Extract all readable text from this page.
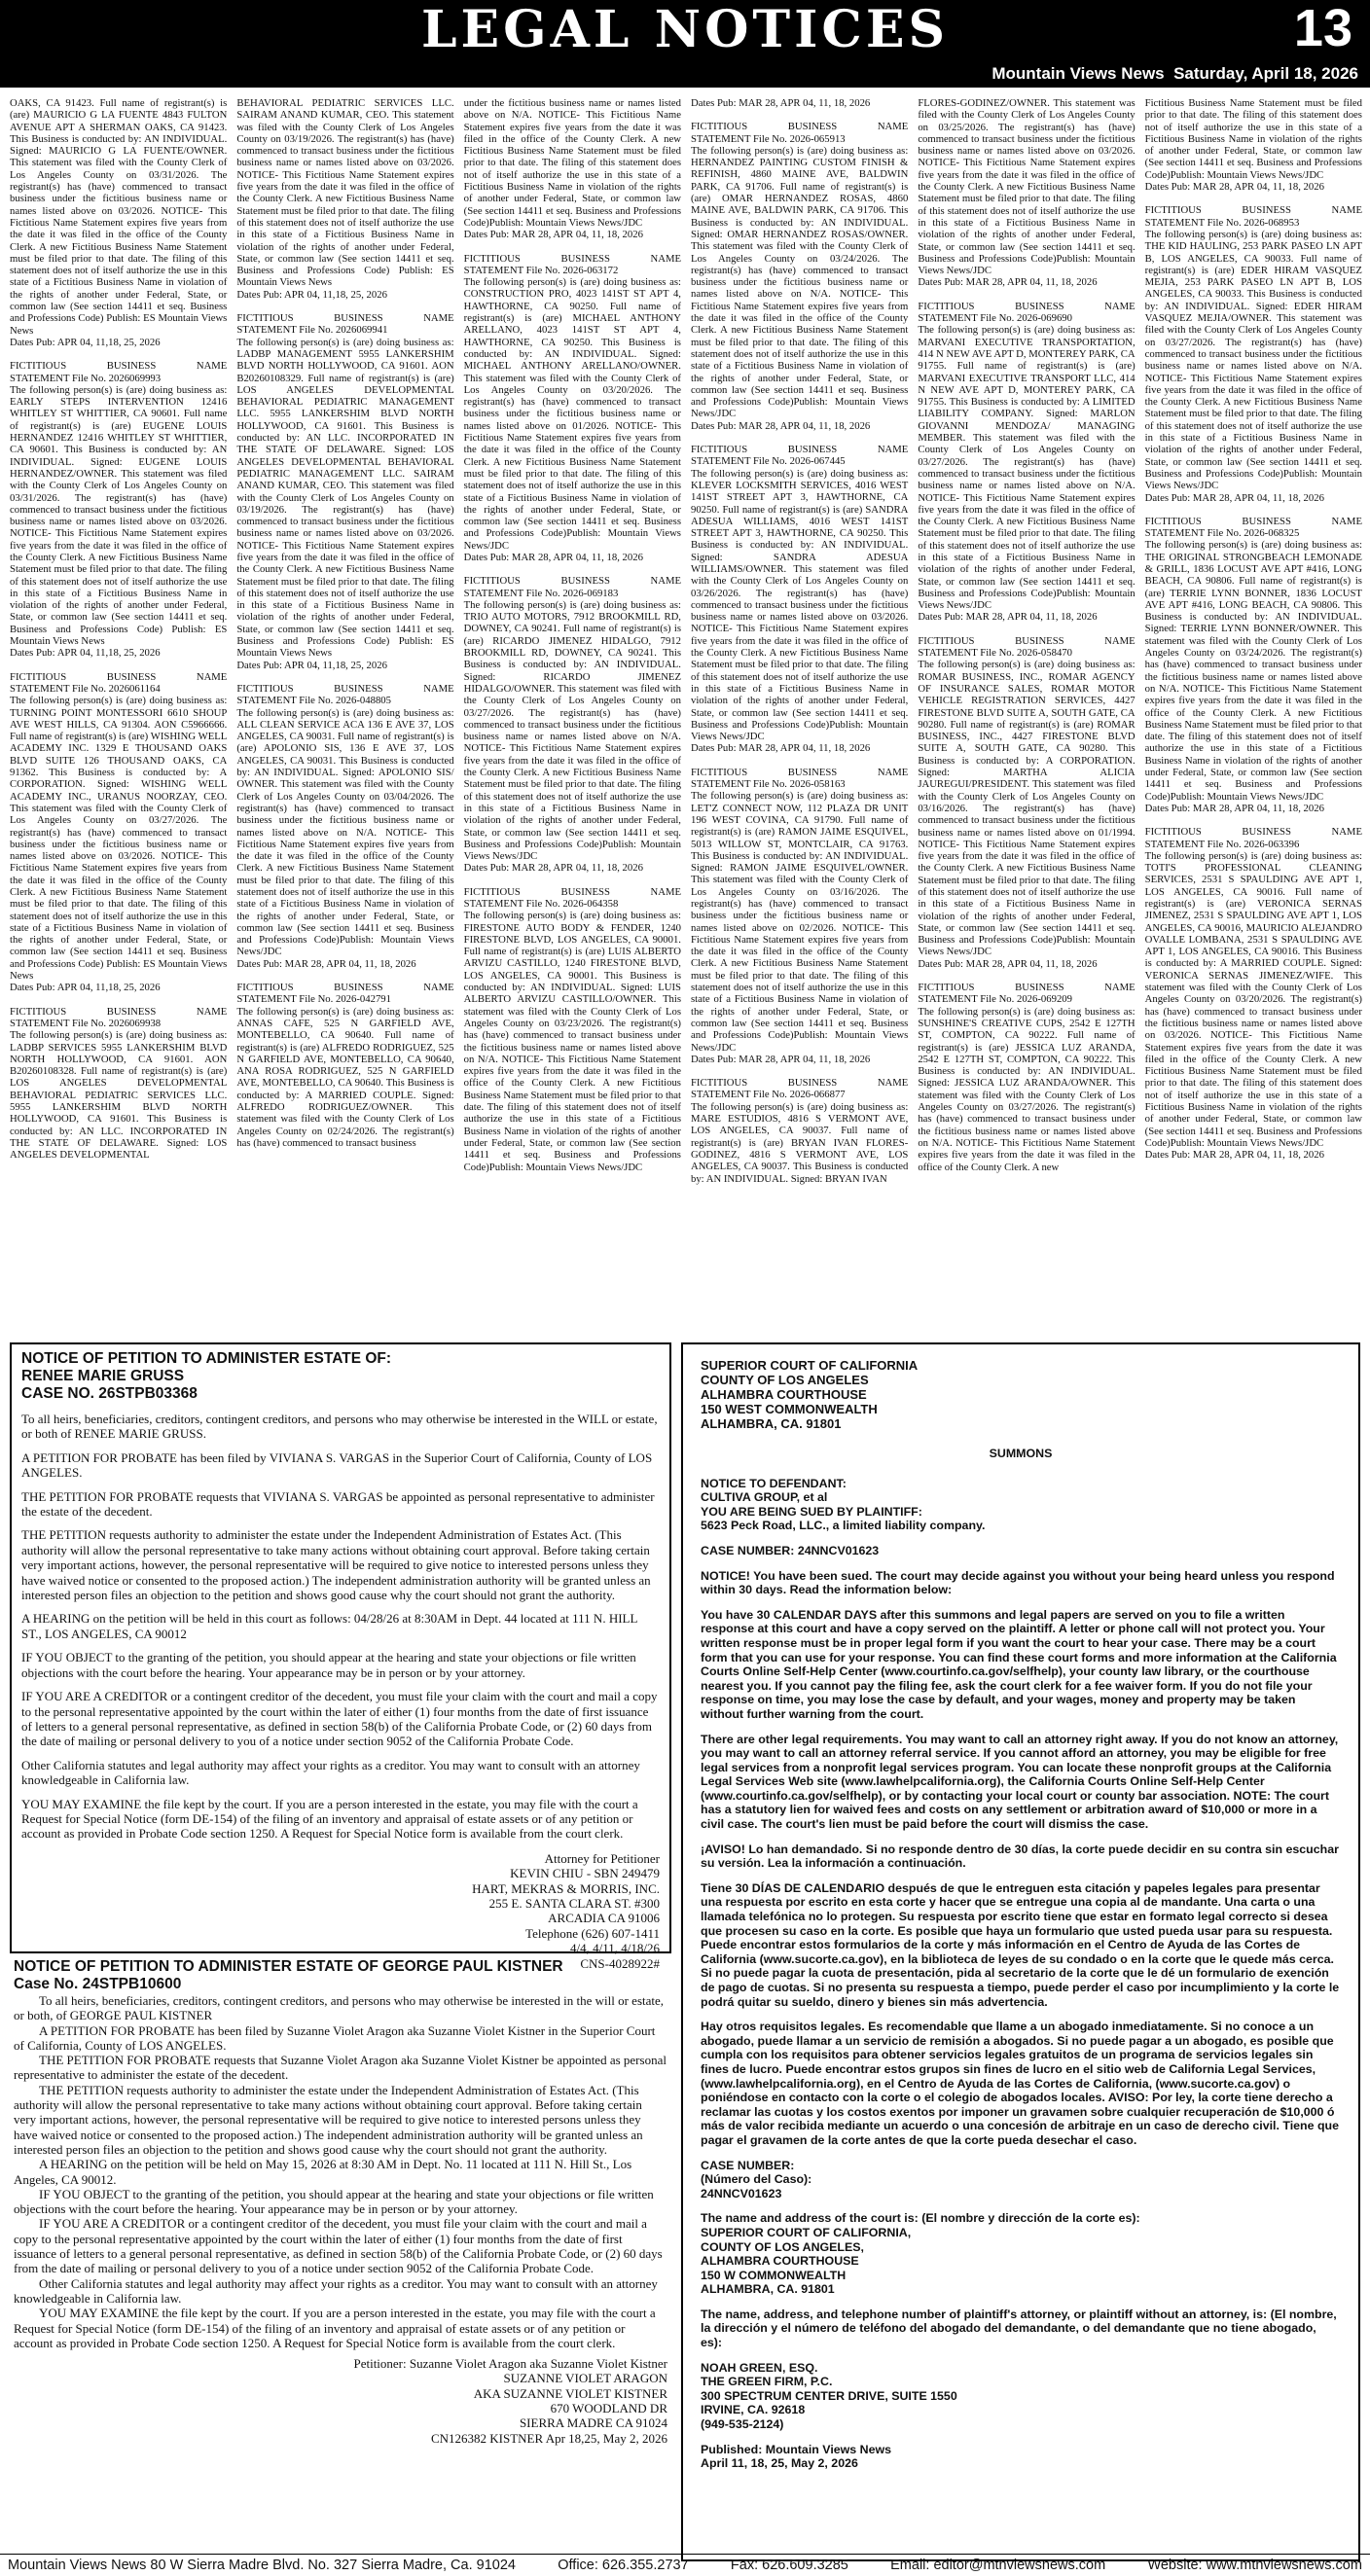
LEGAL NOTICES	13
Mountain Views News Saturday, April 18, 2026
OAKS, CA 91423. Full name of registrant(s) is (are) MAURICIO G LA FUENTE 4843 FULTON AVENUE APT A SHERMAN OAKS, CA 91423. This Business is conducted by: AN INDIVIDUAL. Signed: MAURICIO G LA FUENTE/OWNER. This statement was filed with the County Clerk of Los Angeles County on 03/31/2026. The registrant(s) has (have) commenced to transact business under the fictitious business name or names listed above on 03/2026. NOTICE- This Fictitious Name Statement expires five years from the date it was filed in the office of the County Clerk. A new Fictitious Business Name Statement must be filed prior to that date. The filing of this statement does not of itself authorize the use in this state of a Fictitious Business Name in violation of the rights of another under Federal, State, or common law (See section 14411 et seq. Business and Professions Code) Publish: ES Mountain Views News
Dates Pub: APR 04, 11,18, 25, 2026
FICTITIOUS	NAME
BUSINESS
STATEMENT File No. 2026069993
The following person(s) is (are) doing business as: EARLY STEPS INTERVENTION 12416 WHITLEY ST WHITTIER, CA 90601. Full name of registrant(s) is (are) EUGENE LOUIS HERNANDEZ 12416 WHITLEY ST WHITTIER, CA 90601. This Business is conducted by: AN INDIVIDUAL. Signed: EUGENE LOUIS HERNANDEZ/OWNER. This statement was filed with the County Clerk of Los Angeles County on 03/31/2026. The registrant(s) has (have) commenced to transact business under the fictitious business name or names listed above on 03/2026. NOTICE- This Fictitious Name Statement expires five years from the date it was filed in the office of the County Clerk. A new Fictitious Business Name Statement must be filed prior to that date. The filing of this statement does not of itself authorize the use in this state of a Fictitious Business Name in violation of the rights of another under Federal, State, or common law (See section 14411 et seq. Business and Professions Code) Publish: ES Mountain Views News
Dates Pub: APR 04, 11,18, 25, 2026
FICTITIOUS	NAME
BUSINESS
STATEMENT File No. 2026061164
The following person(s) is (are) doing business as: TURNING POINT MONTESSORI 6610 SHOUP AVE WEST HILLS, CA 91304. AON C5966666. Full name of registrant(s) is (are) WISHING WELL ACADEMY INC. 1329 E THOUSAND OAKS BLVD SUITE 126 THOUSAND OAKS, CA 91362. This Business is conducted by: A CORPORATION. Signed: WISHING WELL ACADEMY INC., URANUS NOORZAY, CEO. This statement was filed with the County Clerk of Los Angeles County on 03/27/2026. The registrant(s) has (have) commenced to transact business under the fictitious business name or names listed above on 03/2026. NOTICE- This Fictitious Name Statement expires five years from the date it was filed in the office of the County Clerk. A new Fictitious Business Name Statement must be filed prior to that date. The filing of this statement does not of itself authorize the use in this state of a Fictitious Business Name in violation of the rights of another under Federal, State, or common law (See section 14411 et seq. Business and Professions Code) Publish: ES Mountain Views News
Dates Pub: APR 04, 11,18, 25, 2026
FICTITIOUS	NAME
BUSINESS
STATEMENT File No. 2026069938
The following person(s) is (are) doing business as: LADBP SERVICES 5955 LANKERSHIM BLVD NORTH HOLLYWOOD, CA 91601. AON B20260108328. Full name of registrant(s) is (are) LOS ANGELES DEVELOPMENTAL BEHAVIORAL PEDIATRIC SERVICES LLC. 5955 LANKERSHIM BLVD NORTH HOLLYWOOD, CA 91601. This Business is conducted by: AN LLC. INCORPORATED IN THE STATE OF DELAWARE. Signed: LOS ANGELES DEVELOPMENTAL
BEHAVIORAL PEDIATRIC SERVICES LLC. SAIRAM ANAND KUMAR, CEO. This statement was filed with the County Clerk of Los Angeles County on 03/19/2026. The registrant(s) has (have) commenced to transact business under the fictitious business name or names listed above on 03/2026. NOTICE- This Fictitious Name Statement expires five years from the date it was filed in the office of the County Clerk. A new Fictitious Business Name Statement must be filed prior to that date. The filing of this statement does not of itself authorize the use in this state of a Fictitious Business Name in violation of the rights of another under Federal, State, or common law (See section 14411 et seq. Business and Professions Code) Publish: ES Mountain Views News
Dates Pub: APR 04, 11,18, 25, 2026
FICTITIOUS	NAME
BUSINESS
STATEMENT File No. 2026069941
The following person(s) is (are) doing business as: LADBP MANAGEMENT 5955 LANKERSHIM BLVD NORTH HOLLYWOOD, CA 91601. AON B20260108329. Full name of registrant(s) is (are) LOS ANGELES DEVELOPMENTAL BEHAVIORAL PEDIATRIC MANAGEMENT LLC. 5955 LANKERSHIM BLVD NORTH HOLLYWOOD, CA 91601. This Business is conducted by: AN LLC. INCORPORATED IN THE STATE OF DELAWARE. Signed: LOS ANGELES DEVELOPMENTAL BEHAVIORAL PEDIATRIC MANAGEMENT LLC. SAIRAM ANAND KUMAR, CEO. This statement was filed with the County Clerk of Los Angeles County on 03/19/2026. The registrant(s) has (have) commenced to transact business under the fictitious business name or names listed above on 03/2026. NOTICE- This Fictitious Name Statement expires five years from the date it was filed in the office of the County Clerk. A new Fictitious Business Name Statement must be filed prior to that date. The filing of this statement does not of itself authorize the use in this state of a Fictitious Business Name in violation of the rights of another under Federal, State, or common law (See section 14411 et seq. Business and Professions Code) Publish: ES Mountain Views News
Dates Pub: APR 04, 11,18, 25, 2026
FICTITIOUS	NAME
BUSINESS
STATEMENT File No. 2026-048805
The following person(s) is (are) doing business as: ALL CLEAN SERVICE ACA 136 E AVE 37, LOS ANGELES, CA 90031. Full name of registrant(s) is (are) APOLONIO SIS, 136 E AVE 37, LOS ANGELES, CA 90031. This Business is conducted by: AN INDIVIDUAL. Signed: APOLONIO SIS/ OWNER. This statement was filed with the County Clerk of Los Angeles County on 03/04/2026. The registrant(s) has (have) commenced to transact business under the fictitious business name or names listed above on N/A. NOTICE- This Fictitious Name Statement expires five years from the date it was filed in the office of the County Clerk. A new Fictitious Business Name Statement must be filed prior to that date. The filing of this statement does not of itself authorize the use in this state of a Fictitious Business Name in violation of the rights of another under Federal, State, or common law (See section 14411 et seq. Business and Professions Code)Publish: Mountain Views News/JDC
Dates Pub: MAR 28, APR 04, 11, 18, 2026
FICTITIOUS	NAME
BUSINESS
STATEMENT File No. 2026-042791
The following person(s) is (are) doing business as: ANNAS CAFE, 525 N GARFIELD AVE, MONTEBELLO, CA 90640. Full name of registrant(s) is (are) ALFREDO RODRIGUEZ, 525 N GARFIELD AVE, MONTEBELLO, CA 90640, ANA ROSA RODRIGUEZ, 525 N GARFIELD AVE, MONTEBELLO, CA 90640. This Business is conducted by: A MARRIED COUPLE. Signed: ALFREDO RODRIGUEZ/OWNER. This statement was filed with the County Clerk of Los Angeles County on 02/24/2026. The registrant(s) has (have) commenced to transact business
under the fictitious business name or names listed above on N/A. NOTICE- This Fictitious Name Statement expires five years from the date it was filed in the office of the County Clerk. A new Fictitious Business Name Statement must be filed prior to that date. The filing of this statement does not of itself authorize the use in this state of a Fictitious Business Name in violation of the rights of another under Federal, State, or common law (See section 14411 et seq. Business and Professions Code)Publish: Mountain Views News/JDC
Dates Pub: MAR 28, APR 04, 11, 18, 2026
FICTITIOUS	NAME
BUSINESS
STATEMENT File No. 2026-063172
The following person(s) is (are) doing business as: CONSTRUCTION PRO, 4023 141ST ST APT 4, HAWTHORNE, CA 90250. Full name of registrant(s) is (are) MICHAEL ANTHONY ARELLANO, 4023 141ST ST APT 4, HAWTHORNE, CA 90250. This Business is conducted by: AN INDIVIDUAL. Signed: MICHAEL ANTHONY ARELLANO/OWNER. This statement was filed with the County Clerk of Los Angeles County on 03/20/2026. The registrant(s) has (have) commenced to transact business under the fictitious business name or names listed above on 01/2026. NOTICE- This Fictitious Name Statement expires five years from the date it was filed in the office of the County Clerk. A new Fictitious Business Name Statement must be filed prior to that date. The filing of this statement does not of itself authorize the use in this state of a Fictitious Business Name in violation of the rights of another under Federal, State, or common law (See section 14411 et seq. Business and Professions Code)Publish: Mountain Views News/JDC
Dates Pub: MAR 28, APR 04, 11, 18, 2026
FICTITIOUS	NAME
BUSINESS
STATEMENT File No. 2026-069183
The following person(s) is (are) doing business as: TRIO AUTO MOTORS, 7912 BROOKMILL RD, DOWNEY, CA 90241. Full name of registrant(s) is (are) RICARDO JIMENEZ HIDALGO, 7912 BROOKMILL RD, DOWNEY, CA 90241. This Business is conducted by: AN INDIVIDUAL. Signed: RICARDO JIMENEZ HIDALGO/OWNER. This statement was filed with the County Clerk of Los Angeles County on 03/27/2026. The registrant(s) has (have) commenced to transact business under the fictitious business name or names listed above on N/A. NOTICE- This Fictitious Name Statement expires five years from the date it was filed in the office of the County Clerk. A new Fictitious Business Name Statement must be filed prior to that date. The filing of this statement does not of itself authorize the use in this state of a Fictitious Business Name in violation of the rights of another under Federal, State, or common law (See section 14411 et seq. Business and Professions Code)Publish: Mountain Views News/JDC
Dates Pub: MAR 28, APR 04, 11, 18, 2026
FICTITIOUS	NAME
BUSINESS
STATEMENT File No. 2026-064358
The following person(s) is (are) doing business as: FIRESTONE AUTO BODY & FENDER, 1240 FIRESTONE BLVD, LOS ANGELES, CA 90001. Full name of registrant(s) is (are) LUIS ALBERTO ARVIZU CASTILLO, 1240 FIRESTONE BLVD, LOS ANGELES, CA 90001. This Business is conducted by: AN INDIVIDUAL. Signed: LUIS ALBERTO ARVIZU CASTILLO/OWNER. This statement was filed with the County Clerk of Los Angeles County on 03/23/2026. The registrant(s) has (have) commenced to transact business under the fictitious business name or names listed above on N/A. NOTICE- This Fictitious Name Statement expires five years from the date it was filed in the office of the County Clerk. A new Fictitious Business Name Statement must be filed prior to that date. The filing of this statement does not of itself authorize the use in this state of a Fictitious Business Name in violation of the rights of another under Federal, State, or common law (See section 14411 et seq. Business and Professions Code)Publish: Mountain Views News/JDC
Dates Pub: MAR 28, APR 04, 11, 18, 2026
FICTITIOUS	NAME
BUSINESS
STATEMENT File No. 2026-065913
The following person(s) is (are) doing business as: HERNANDEZ PAINTING CUSTOM FINISH & REFINISH, 4860 MAINE AVE, BALDWIN PARK, CA 91706. Full name of registrant(s) is (are) OMAR HERNANDEZ ROSAS, 4860 MAINE AVE, BALDWIN PARK, CA 91706. This Business is conducted by: AN INDIVIDUAL. Signed: OMAR HERNANDEZ ROSAS/OWNER. This statement was filed with the County Clerk of Los Angeles County on 03/24/2026. The registrant(s) has (have) commenced to transact business under the fictitious business name or names listed above on N/A. NOTICE- This Fictitious Name Statement expires five years from the date it was filed in the office of the County Clerk. A new Fictitious Business Name Statement must be filed prior to that date. The filing of this statement does not of itself authorize the use in this state of a Fictitious Business Name in violation of the rights of another under Federal, State, or common law (See section 14411 et seq. Business and Professions Code)Publish: Mountain Views News/JDC
Dates Pub: MAR 28, APR 04, 11, 18, 2026
FICTITIOUS	NAME
BUSINESS
STATEMENT File No. 2026-067445
The following person(s) is (are) doing business as: KLEVER LOCKSMITH SERVICES, 4016 WEST 141ST STREET APT 3, HAWTHORNE, CA 90250. Full name of registrant(s) is (are) SANDRA ADESUA WILLIAMS, 4016 WEST 141ST STREET APT 3, HAWTHORNE, CA 90250. This Business is conducted by: AN INDIVIDUAL. Signed: SANDRA ADESUA WILLIAMS/OWNER. This statement was filed with the County Clerk of Los Angeles County on 03/26/2026. The registrant(s) has (have) commenced to transact business under the fictitious business name or names listed above on 03/2026. NOTICE- This Fictitious Name Statement expires five years from the date it was filed in the office of the County Clerk. A new Fictitious Business Name Statement must be filed prior to that date. The filing of this statement does not of itself authorize the use in this state of a Fictitious Business Name in violation of the rights of another under Federal, State, or common law (See section 14411 et seq. Business and Professions Code)Publish: Mountain Views News/JDC
Dates Pub: MAR 28, APR 04, 11, 18, 2026
FICTITIOUS	NAME
BUSINESS
STATEMENT File No. 2026-058163
The following person(s) is (are) doing business as: LET'Z CONNECT NOW, 112 PLAZA DR UNIT 196 WEST COVINA, CA 91790. Full name of registrant(s) is (are) RAMON JAIME ESQUIVEL, 5013 WILLOW ST, MONTCLAIR, CA 91763. This Business is conducted by: AN INDIVIDUAL. Signed: RAMON JAIME ESQUIVEL/OWNER. This statement was filed with the County Clerk of Los Angeles County on 03/16/2026. The registrant(s) has (have) commenced to transact business under the fictitious business name or names listed above on 02/2026. NOTICE- This Fictitious Name Statement expires five years from the date it was filed in the office of the County Clerk. A new Fictitious Business Name Statement must be filed prior to that date. The filing of this statement does not of itself authorize the use in this state of a Fictitious Business Name in violation of the rights of another under Federal, State, or common law (See section 14411 et seq. Business and Professions Code)Publish: Mountain Views News/JDC
Dates Pub: MAR 28, APR 04, 11, 18, 2026
FICTITIOUS	NAME
BUSINESS
STATEMENT File No. 2026-066877
The following person(s) is (are) doing business as: MARE ESTUDIOS, 4816 S VERMONT AVE, LOS ANGELES, CA 90037. Full name of registrant(s) is (are) BRYAN IVAN FLORES-GODINEZ, 4816 S VERMONT AVE, LOS ANGELES, CA 90037. This Business is conducted by: AN INDIVIDUAL. Signed: BRYAN IVAN
FLORES-GODINEZ/OWNER. This statement was filed with the County Clerk of Los Angeles County on 03/25/2026. The registrant(s) has (have) commenced to transact business under the fictitious business name or names listed above on 03/2026. NOTICE- This Fictitious Name Statement expires five years from the date it was filed in the office of the County Clerk. A new Fictitious Business Name Statement must be filed prior to that date. The filing of this statement does not of itself authorize the use in this state of a Fictitious Business Name in violation of the rights of another under Federal, State, or common law (See section 14411 et seq. Business and Professions Code)Publish: Mountain Views News/JDC
Dates Pub: MAR 28, APR 04, 11, 18, 2026
FICTITIOUS	NAME
BUSINESS
STATEMENT File No. 2026-069690
The following person(s) is (are) doing business as: MARVANI EXECUTIVE TRANSPORTATION, 414 N NEW AVE APT D, MONTEREY PARK, CA 91755. Full name of registrant(s) is (are) MARVANI EXECUTIVE TRANSPORT LLC, 414 N NEW AVE APT D, MONTEREY PARK, CA 91755. This Business is conducted by: A LIMITED LIABILITY COMPANY. Signed: MARLON GIOVANNI MENDOZA/ MANAGING MEMBER. This statement was filed with the County Clerk of Los Angeles County on 03/27/2026. The registrant(s) has (have) commenced to transact business under the fictitious business name or names listed above on N/A. NOTICE- This Fictitious Name Statement expires five years from the date it was filed in the office of the County Clerk. A new Fictitious Business Name Statement must be filed prior to that date. The filing of this statement does not of itself authorize the use in this state of a Fictitious Business Name in violation of the rights of another under Federal, State, or common law (See section 14411 et seq. Business and Professions Code)Publish: Mountain Views News/JDC
Dates Pub: MAR 28, APR 04, 11, 18, 2026
FICTITIOUS	NAME
BUSINESS
STATEMENT File No. 2026-058470
The following person(s) is (are) doing business as: ROMAR BUSINESS, INC., ROMAR AGENCY OF INSURANCE SALES, ROMAR MOTOR VEHICLE REGISTRATION SERVICES, 4427 FIRESTONE BLVD SUITE A, SOUTH GATE, CA 90280. Full name of registrant(s) is (are) ROMAR BUSINESS, INC., 4427 FIRESTONE BLVD SUITE A, SOUTH GATE, CA 90280. This Business is conducted by: A CORPORATION. Signed: MARTHA ALICIA JAUREGUI/PRESIDENT. This statement was filed with the County Clerk of Los Angeles County on 03/16/2026. The registrant(s) has (have) commenced to transact business under the fictitious business name or names listed above on 01/1994. NOTICE- This Fictitious Name Statement expires five years from the date it was filed in the office of the County Clerk. A new Fictitious Business Name Statement must be filed prior to that date. The filing of this statement does not of itself authorize the use in this state of a Fictitious Business Name in violation of the rights of another under Federal, State, or common law (See section 14411 et seq. Business and Professions Code)Publish: Mountain Views News/JDC
Dates Pub: MAR 28, APR 04, 11, 18, 2026
FICTITIOUS	NAME
BUSINESS
STATEMENT File No. 2026-069209
The following person(s) is (are) doing business as: SUNSHINE'S CREATIVE CUPS, 2542 E 127TH ST, COMPTON, CA 90222. Full name of registrant(s) is (are) JESSICA LUZ ARANDA, 2542 E 127TH ST, COMPTON, CA 90222. This Business is conducted by: AN INDIVIDUAL. Signed: JESSICA LUZ ARANDA/OWNER. This statement was filed with the County Clerk of Los Angeles County on 03/27/2026. The registrant(s) has (have) commenced to transact business under the fictitious business name or names listed above on N/A. NOTICE- This Fictitious Name Statement expires five years from the date it was filed in the office of the County Clerk. A new
Fictitious Business Name Statement must be filed prior to that date. The filing of this statement does not of itself authorize the use in this state of a Fictitious Business Name in violation of the rights of another under Federal, State, or common law (See section 14411 et seq. Business and Professions Code)Publish: Mountain Views News/JDC
Dates Pub: MAR 28, APR 04, 11, 18, 2026
FICTITIOUS	NAME
BUSINESS
STATEMENT File No. 2026-068953
The following person(s) is (are) doing business as: THE KID HAULING, 253 PARK PASEO LN APT B, LOS ANGELES, CA 90033. Full name of registrant(s) is (are) EDER HIRAM VASQUEZ MEJIA, 253 PARK PASEO LN APT B, LOS ANGELES, CA 90033. This Business is conducted by: AN INDIVIDUAL. Signed: EDER HIRAM VASQUEZ MEJIA/OWNER. This statement was filed with the County Clerk of Los Angeles County on 03/27/2026. The registrant(s) has (have) commenced to transact business under the fictitious business name or names listed above on N/A. NOTICE- This Fictitious Name Statement expires five years from the date it was filed in the office of the County Clerk. A new Fictitious Business Name Statement must be filed prior to that date. The filing of this statement does not of itself authorize the use in this state of a Fictitious Business Name in violation of the rights of another under Federal, State, or common law (See section 14411 et seq. Business and Professions Code)Publish: Mountain Views News/JDC
Dates Pub: MAR 28, APR 04, 11, 18, 2026
FICTITIOUS	NAME
BUSINESS
STATEMENT File No. 2026-068325
The following person(s) is (are) doing business as: THE ORIGINAL STRONGBEACH LEMONADE & GRILL, 1836 LOCUST AVE APT #416, LONG BEACH, CA 90806. Full name of registrant(s) is (are) TERRIE LYNN BONNER, 1836 LOCUST AVE APT #416, LONG BEACH, CA 90806. This Business is conducted by: AN INDIVIDUAL. Signed: TERRIE LYNN BONNER/OWNER. This statement was filed with the County Clerk of Los Angeles County on 03/24/2026. The registrant(s) has (have) commenced to transact business under the fictitious business name or names listed above on N/A. NOTICE- This Fictitious Name Statement expires five years from the date it was filed in the office of the County Clerk. A new Fictitious Business Name Statement must be filed prior to that date. The filing of this statement does not of itself authorize the use in this state of a Fictitious Business Name in violation of the rights of another under Federal, State, or common law (See section 14411 et seq. Business and Professions Code)Publish: Mountain Views News/JDC
Dates Pub: MAR 28, APR 04, 11, 18, 2026
FICTITIOUS	NAME
BUSINESS
STATEMENT File No. 2026-063396
The following person(s) is (are) doing business as: TOTI'S PROFESSIONAL CLEANING SERVICES, 2531 S SPAULDING AVE APT 1, LOS ANGELES, CA 90016. Full name of registrant(s) is (are) VERONICA SERNAS JIMENEZ, 2531 S SPAULDING AVE APT 1, LOS ANGELES, CA 90016, MAURICIO ALEJANDRO OVALLE LOMBANA, 2531 S SPAULDING AVE APT 1, LOS ANGELES, CA 90016. This Business is conducted by: A MARRIED COUPLE. Signed: VERONICA SERNAS JIMENEZ/WIFE. This statement was filed with the County Clerk of Los Angeles County on 03/20/2026. The registrant(s) has (have) commenced to transact business under the fictitious business name or names listed above on 03/2026. NOTICE- This Fictitious Name Statement expires five years from the date it was filed in the office of the County Clerk. A new Fictitious Business Name Statement must be filed prior to that date. The filing of this statement does not of itself authorize the use in this state of a Fictitious Business Name in violation of the rights of another under Federal, State, or common law (See section 14411 et seq. Business and Professions Code)Publish: Mountain Views News/JDC
Dates Pub: MAR 28, APR 04, 11, 18, 2026
NOTICE OF PETITION TO ADMINISTER ESTATE OF:
RENEE MARIE GRUSS
CASE NO. 26STPB03368

To all heirs, beneficiaries, creditors, contingent creditors, and persons who may otherwise be interested in the WILL or estate, or both of RENEE MARIE GRUSS.

A PETITION FOR PROBATE has been filed by VIVIANA S. VARGAS in the Superior Court of California, County of LOS ANGELES.

THE PETITION FOR PROBATE requests that VIVIANA S. VARGAS be appointed as personal representative to administer the estate of the decedent.

THE PETITION requests authority to administer the estate under the Independent Administration of Estates Act. (This authority will allow the personal representative to take many actions without obtaining court approval. Before taking certain very important actions, however, the personal representative will be required to give notice to interested persons unless they have waived notice or consented to the proposed action.) The independent administration authority will be granted unless an interested person files an objection to the petition and shows good cause why the court should not grant the authority.

A HEARING on the petition will be held in this court as follows: 04/28/26 at 8:30AM in Dept. 44 located at 111 N. HILL ST., LOS ANGELES, CA 90012

IF YOU OBJECT to the granting of the petition, you should appear at the hearing and state your objections or file written objections with the court before the hearing. Your appearance may be in person or by your attorney.

IF YOU ARE A CREDITOR or a contingent creditor of the decedent, you must file your claim with the court and mail a copy to the personal representative appointed by the court within the later of either (1) four months from the date of first issuance of letters to a general personal representative, as defined in section 58(b) of the California Probate Code, or (2) 60 days from the date of mailing or personal delivery to you of a notice under section 9052 of the California Probate Code.

Other California statutes and legal authority may affect your rights as a creditor. You may want to consult with an attorney knowledgeable in California law.

YOU MAY EXAMINE the file kept by the court. If you are a person interested in the estate, you may file with the court a Request for Special Notice (form DE-154) of the filing of an inventory and appraisal of estate assets or of any petition or account as provided in Probate Code section 1250. A Request for Special Notice form is available from the court clerk.

Attorney for Petitioner
KEVIN CHIU - SBN 249479
HART, MEKRAS & MORRIS, INC.
255 E. SANTA CLARA ST. #300
ARCADIA CA 91006
Telephone (626) 607-1411
4/4, 4/11, 4/18/26
CNS-4028922#
NOTICE OF PETITION TO ADMINISTER ESTATE OF GEORGE PAUL KISTNER
Case No. 24STPB10600

To all heirs, beneficiaries, creditors, contingent creditors, and persons who may otherwise be interested in the will or estate, or both, of GEORGE PAUL KISTNER

A PETITION FOR PROBATE has been filed by Suzanne Violet Aragon aka Suzanne Violet Kistner in the Superior Court of California, County of LOS ANGELES.

THE PETITION FOR PROBATE requests that Suzanne Violet Aragon aka Suzanne Violet Kistner be appointed as personal representative to administer the estate of the decedent.

THE PETITION requests authority to administer the estate under the Independent Administration of Estates Act. (This authority will allow the personal representative to take many actions without obtaining court approval. Before taking certain very important actions, however, the personal representative will be required to give notice to interested persons unless they have waived notice or consented to the proposed action.) The independent administration authority will be granted unless an interested person files an objection to the petition and shows good cause why the court should not grant the authority.

A HEARING on the petition will be held on May 15, 2026 at 8:30 AM in Dept. No. 11 located at 111 N. Hill St., Los Angeles, CA 90012.

IF YOU OBJECT to the granting of the petition, you should appear at the hearing and state your objections or file written objections with the court before the hearing. Your appearance may be in person or by your attorney.

IF YOU ARE A CREDITOR or a contingent creditor of the decedent, you must file your claim with the court and mail a copy to the personal representative appointed by the court within the later of either (1) four months from the date of first issuance of letters to a general personal representative, as defined in section 58(b) of the California Probate Code, or (2) 60 days from the date of mailing or personal delivery to you of a notice under section 9052 of the California Probate Code.

Other California statutes and legal authority may affect your rights as a creditor. You may want to consult with an attorney knowledgeable in California law.

YOU MAY EXAMINE the file kept by the court. If you are a person interested in the estate, you may file with the court a Request for Special Notice (form DE-154) of the filing of an inventory and appraisal of estate assets or of any petition or account as provided in Probate Code section 1250. A Request for Special Notice form is available from the court clerk.

Petitioner: Suzanne Violet Aragon aka Suzanne Violet Kistner
SUZANNE VIOLET ARAGON
AKA SUZANNE VIOLET KISTNER
670 WOODLAND DR
SIERRA MADRE CA 91024
CN126382 KISTNER Apr 18,25, May 2, 2026
SUPERIOR COURT OF CALIFORNIA
COUNTY OF LOS ANGELES
ALHAMBRA COURTHOUSE
150 WEST COMMONWEALTH
ALHAMBRA, CA. 91801
SUMMONS
NOTICE TO DEFENDANT:
CULTIVA GROUP, et al
YOU ARE BEING SUED BY PLAINTIFF:
5623 Peck Road, LLC., a limited liability company.

CASE NUMBER: 24NNCV01623

NOTICE! You have been sued. The court may decide against you without your being heard unless you respond within 30 days. Read the information below:

You have 30 CALENDAR DAYS after this summons and legal papers are served on you to file a written response at this court and have a copy served on the plaintiff. A letter or phone call will not protect you. Your written response must be in proper legal form if you want the court to hear your case. There may be a court form that you can use for your response. You can find these court forms and more information at the California Courts Online Self-Help Center (www.courtinfo.ca.gov/selfhelp), your county law library, or the courthouse nearest you. If you cannot pay the filing fee, ask the court clerk for a fee waiver form. If you do not file your response on time, you may lose the case by default, and your wages, money and property may be taken without further warning from the court.

There are other legal requirements. You may want to call an attorney right away. If you do not know an attorney, you may want to call an attorney referral service. If you cannot afford an attorney, you may be eligible for free legal services from a nonprofit legal services program. You can locate these nonprofit groups at the California Legal Services Web site (www.lawhelpcalifornia.org), the California Courts Online Self-Help Center (www.courtinfo.ca.gov/selfhelp), or by contacting your local court or county bar association. NOTE: The court has a statutory lien for waived fees and costs on any settlement or arbitration award of $10,000 or more in a civil case. The court's lien must be paid before the court will dismiss the case.

¡AVISO! Lo han demandado. Si no responde dentro de 30 días, la corte puede decidir en su contra sin escuchar su versión. Lea la información a continuación.

Tiene 30 DÍAS DE CALENDARIO después de que le entreguen esta citación y papeles legales para presentar una respuesta por escrito en esta corte y hacer que se entregue una copia al de mandante. Una carta o una llamada telefónica no lo protegen. Su respuesta por escrito tiene que estar en formato legal correcto si desea que procesen su caso en la corte. Es posible que haya un formulario que usted pueda usar para su respuesta. Puede encontrar estos formularios de la corte y más información en el Centro de Ayuda de las Cortes de California (www.sucorte.ca.gov), en la biblioteca de leyes de su condado o en la corte que le quede más cerca. Si no puede pagar la cuota de presentación, pida al secretario de la corte que le dé un formulario de exención de pago de cuotas. Si no presenta su respuesta a tiempo, puede perder el caso por incumplimiento y la corte le podrá quitar su sueldo, dinero y bienes sin más advertencia.

Hay otros requisitos legales. Es recomendable que llame a un abogado inmediatamente. Si no conoce a un abogado, puede llamar a un servicio de remisión a abogados. Si no puede pagar a un abogado, es posible que cumpla con los requisitos para obtener servicios legales gratuitos de un programa de servicios legales sin fines de lucro. Puede encontrar estos grupos sin fines de lucro en el sitio web de California Legal Services, (www.lawhelpcalifornia.org), en el Centro de Ayuda de las Cortes de California, (www.sucorte.ca.gov) o poniéndose en contacto con la corte o el colegio de abogados locales. AVISO: Por ley, la corte tiene derecho a reclamar las cuotas y los costos exentos por imponer un gravamen sobre cualquier recuperación de $10,000 ó más de valor recibida mediante un acuerdo o una concesión de arbitraje en un caso de derecho civil. Tiene que pagar el gravamen de la corte antes de que la corte pueda desechar el caso.

CASE NUMBER:
(Número del Caso):
24NNCV01623

The name and address of the court is: (El nombre y dirección de la corte es):

SUPERIOR COURT OF CALIFORNIA,
COUNTY OF LOS ANGELES,
ALHAMBRA COURTHOUSE
150 W COMMONWEALTH
ALHAMBRA, CA. 91801

The name, address, and telephone number of plaintiff's attorney, or plaintiff without an attorney, is: (El nombre, la dirección y el número de teléfono del abogado del demandante, o del demandante que no tiene abogado, es):

NOAH GREEN, ESQ.
THE GREEN FIRM, P.C.
300 SPECTRUM CENTER DRIVE, SUITE 1550
IRVINE, CA. 92618
(949-535-2124)

Published: Mountain Views News
April 11, 18, 25, May 2, 2026

Mountain Views News 80 W Sierra Madre Blvd. No. 327 Sierra Madre, Ca. 91024	Office: 626.355.2737	Fax: 626.609.3285	Email: editor@mtnviewsnews.com	Website: www.mtnviewsnews.com
